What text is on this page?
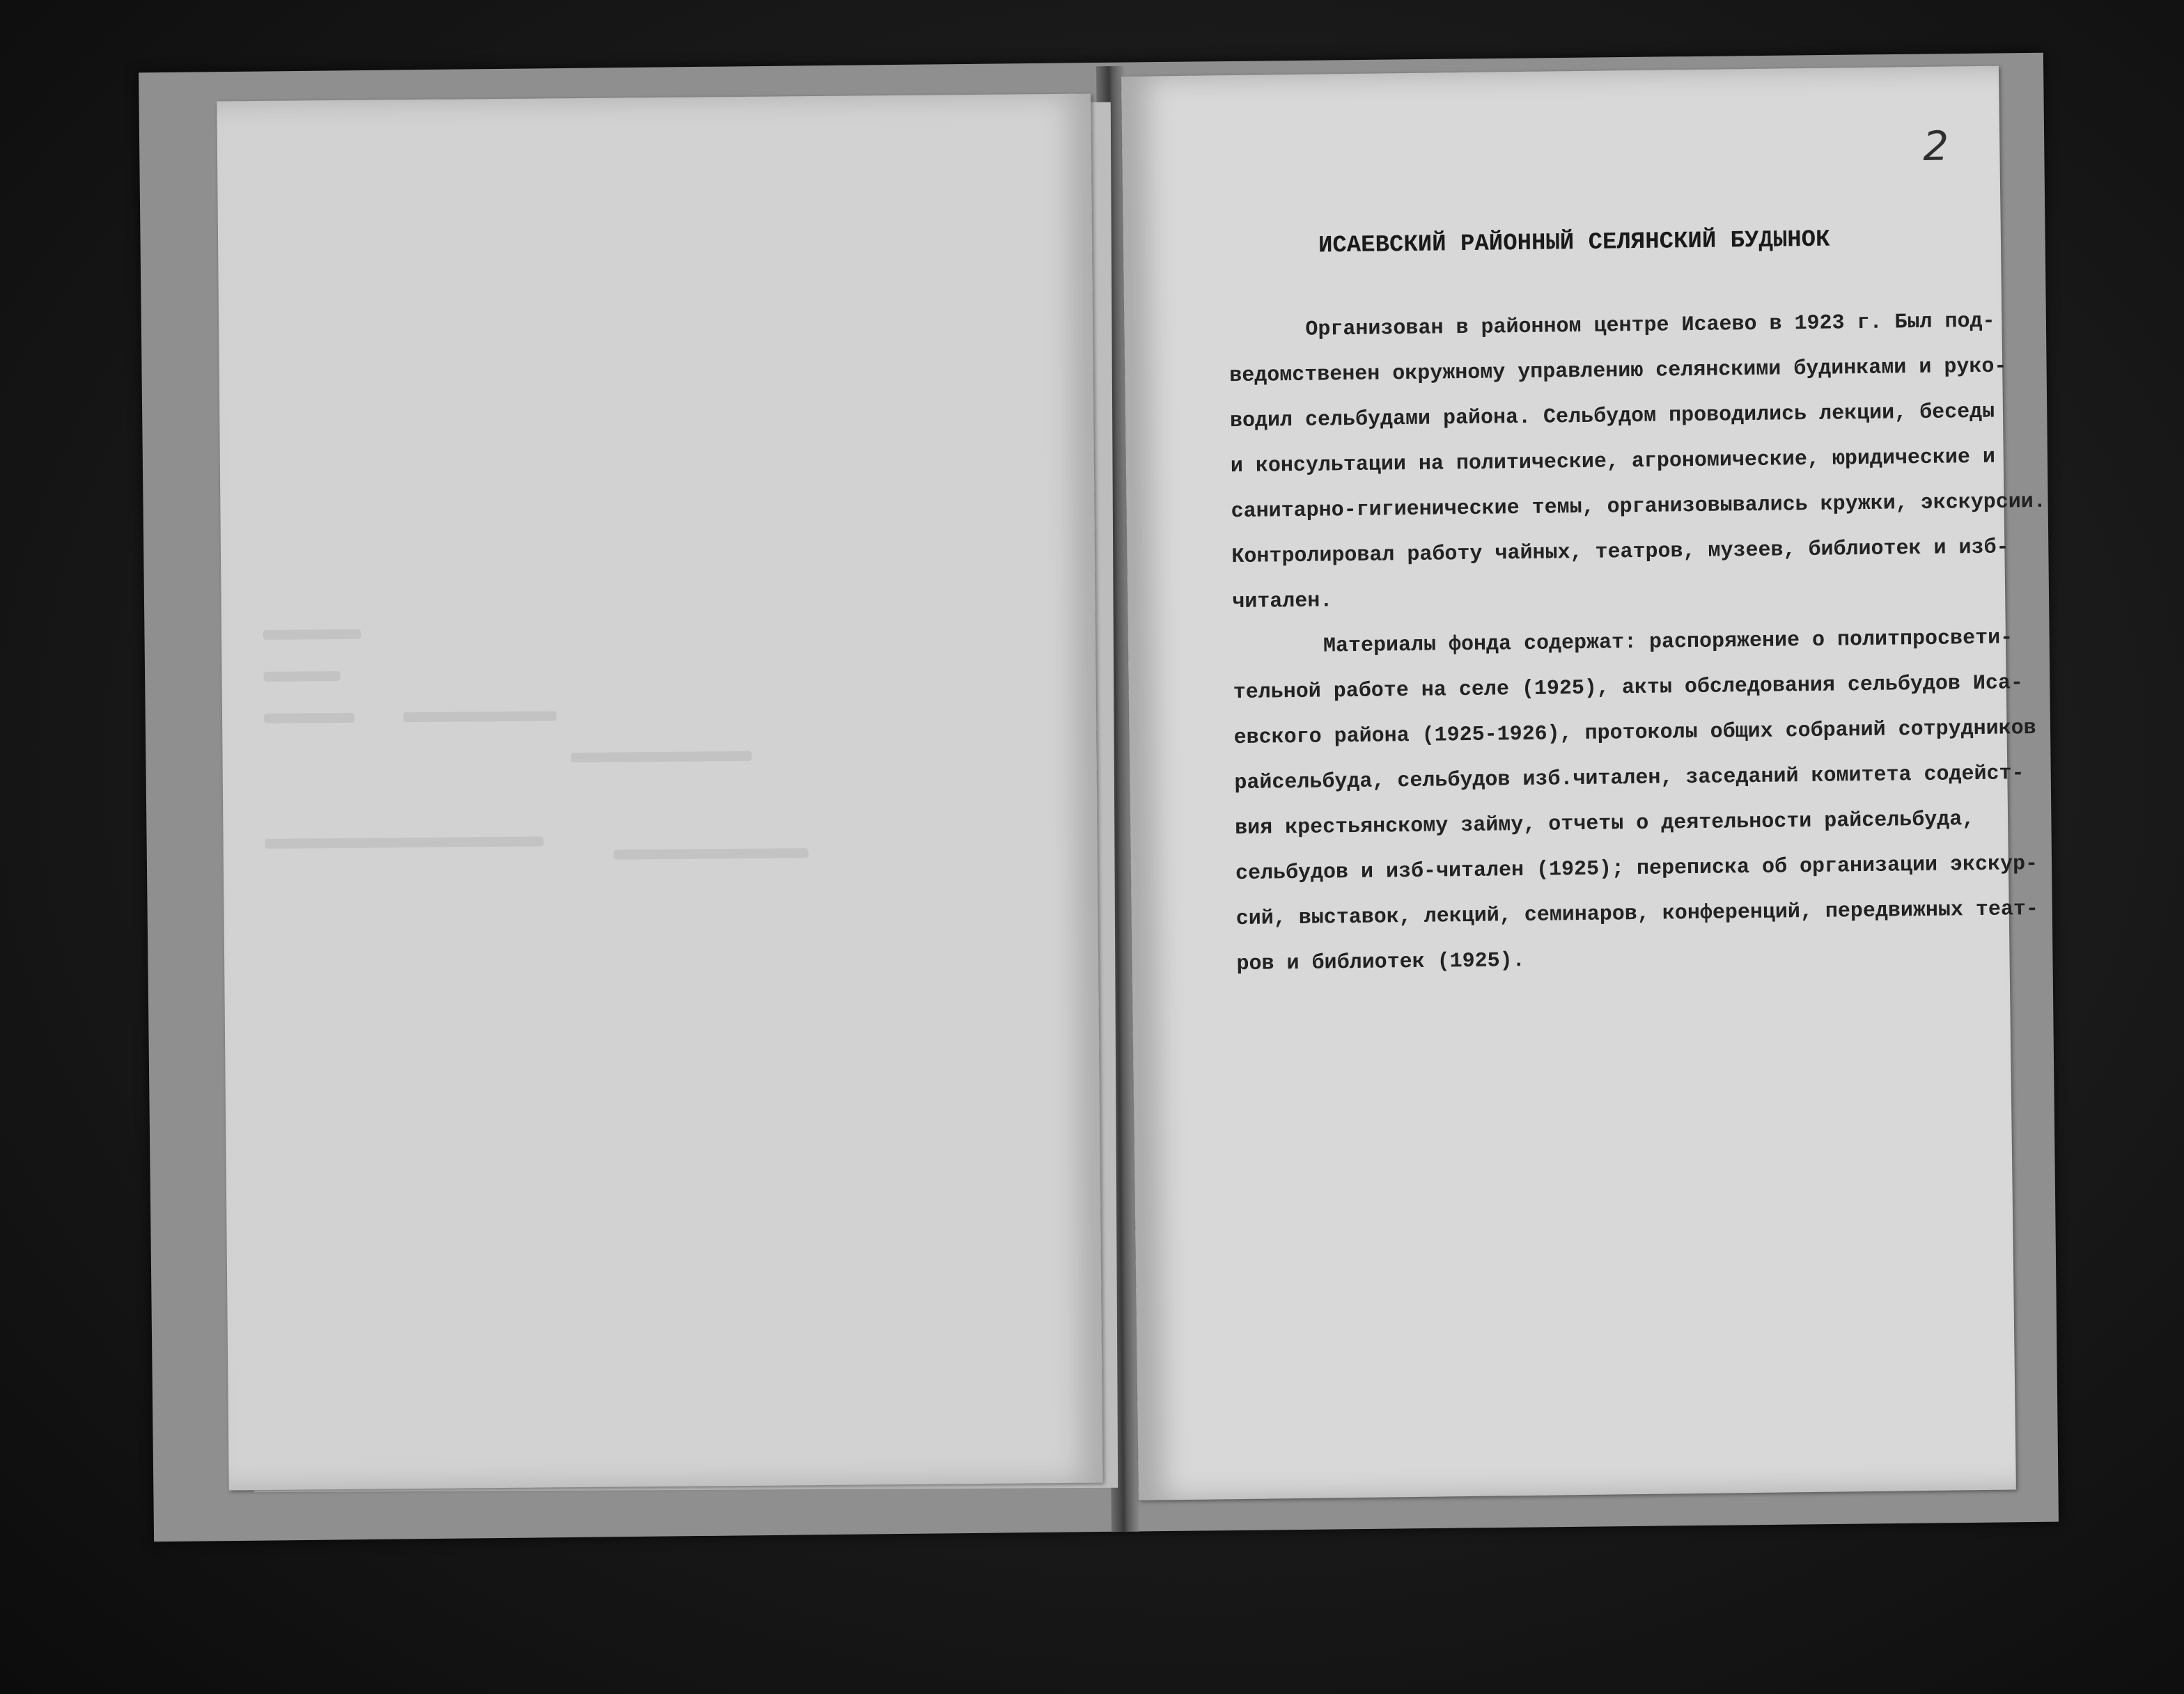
2
ИСАЕВСКИЙ РАЙОННЫЙ СЕЛЯНСКИЙ БУДЫНОК
Организован в районном центре Исаево в 1923 г. Был под-
ведомственен окружному управлению селянскими будинками и руко-
водил сельбудами района. Сельбудом проводились лекции, беседы
и консультации на политические, агрономические, юридические и
санитарно-гигиенические темы, организовывались кружки, экскурсии.
Контролировал работу чайных, театров, музеев, библиотек и изб-
читален.
Материалы фонда содержат: распоряжение о политпросвети-
тельной работе на селе (1925), акты обследования сельбудов Иса-
евского района (1925-1926), протоколы общих собраний сотрудников
райсельбуда, сельбудов изб.читален, заседаний комитета содейст-
вия крестьянскому займу, отчеты о деятельности райсельбуда,
сельбудов и изб-читален (1925); переписка об организации экскур-
сий, выставок, лекций, семинаров, конференций, передвижных теат-
ров и библиотек (1925).
